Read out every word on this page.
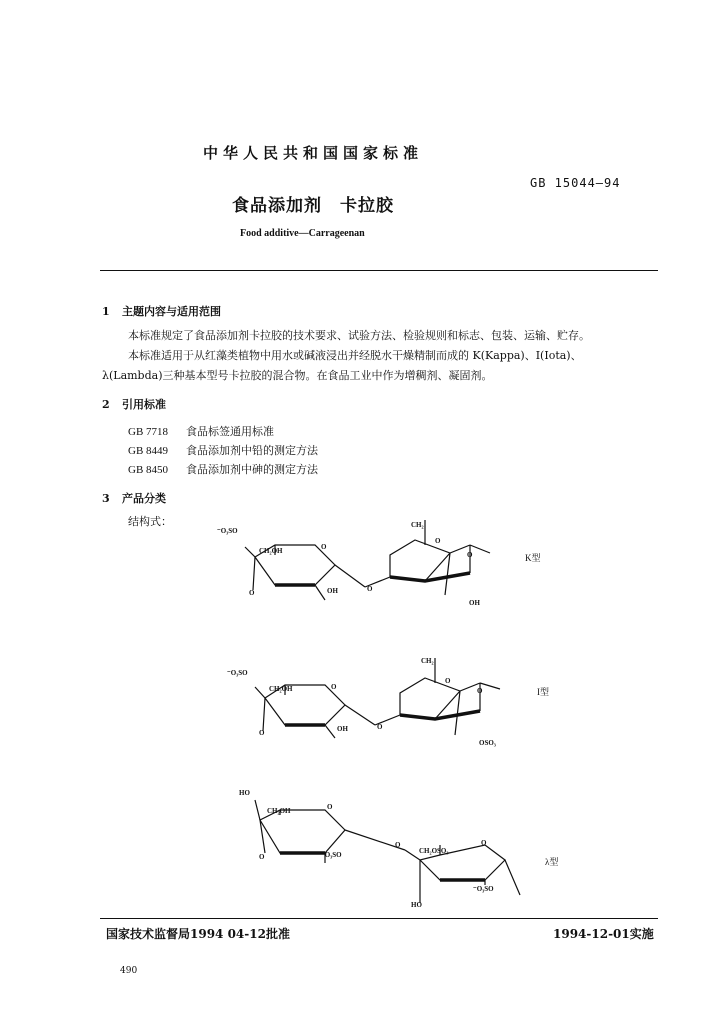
中华人民共和国国家标准
GB 15044—94
食品添加剂　卡拉胶
Food additive—Carrageenan
1 主题内容与适用范围
本标准规定了食品添加剂卡拉胶的技术要求、试验方法、检验规则和标志、包装、运输、贮存。
本标准适用于从红藻类植物中用水或碱液浸出并经脱水干燥精制而成的 K(Kappa)、I(Iota)、
λ(Lambda)三种基本型号卡拉胶的混合物。在食品工业中作为增稠剂、凝固剂。
2 引用标准
GB 7718 食品标签通用标准
GB 8449 食品添加剂中铅的测定方法
GB 8450 食品添加剂中砷的测定方法
3 产品分类
结构式：
⁻O₃SO
CH₂OH	O
O	OH	O
CH₂
O
O
OH
K型
⁻O₃SO
CH₂OH	O
O	OH	O
CH₂
O
O
OSO₃
I型
HO
CH₂OH	O
O	⁻O₃SO
O
CH₂OSO₃
O
HO
⁻O₃SO
λ型
国家技术监督局1994 04-12批准	1994-12-01实施
490
